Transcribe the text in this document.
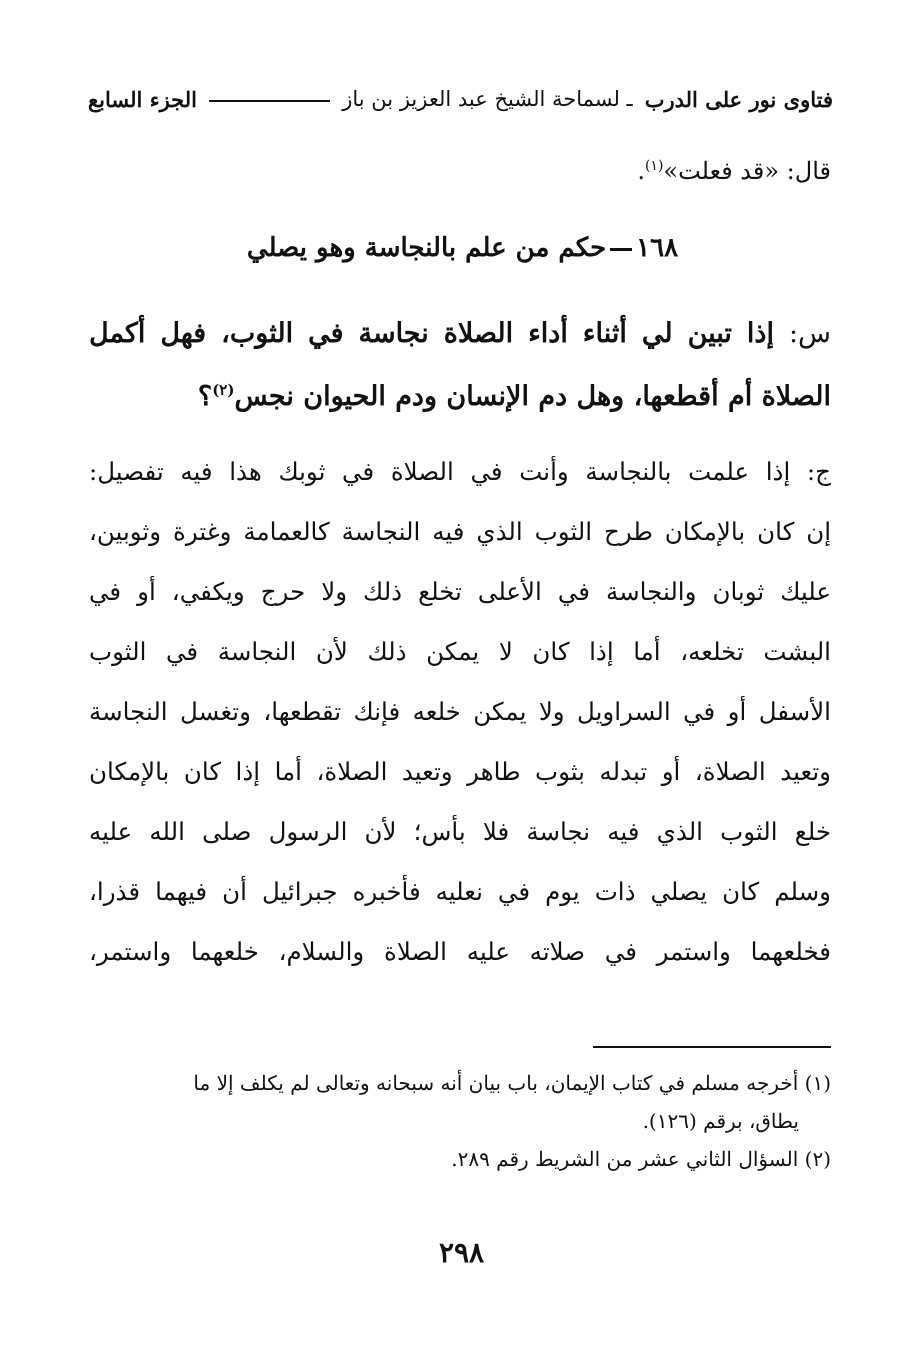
فتاوى نور على الدرب
ـ لسماحة الشيخ عبد العزيز بن باز
الجزء السابع
قال: «قد فعلت»$^{(١)}$.
١٦٨حكم من علم بالنجاسة وهو يصلي
س: إذا تبين لي أثناء أداء الصلاة نجاسة في الثوب، فهل أكمل الصلاة أم أقطعها، وهل دم الإنسان ودم الحيوان نجس$^{(٢)}$؟
ج: إذا علمت بالنجاسة وأنت في الصلاة في ثوبك هذا فيه تفصيل:
إن كان بالإمكان طرح الثوب الذي فيه النجاسة كالعمامة وغترة وثوبين،
عليك ثوبان والنجاسة في الأعلى تخلع ذلك ولا حرج ويكفي، أو في
البشت تخلعه، أما إذا كان لا يمكن ذلك لأن النجاسة في الثوب
الأسفل أو في السراويل ولا يمكن خلعه فإنك تقطعها، وتغسل النجاسة
وتعيد الصلاة، أو تبدله بثوب طاهر وتعيد الصلاة، أما إذا كان بالإمكان
خلع الثوب الذي فيه نجاسة فلا بأس؛ لأن الرسول صلى الله عليه
وسلم كان يصلي ذات يوم في نعليه فأخبره جبرائيل أن فيهما قذرا،
فخلعهما واستمر في صلاته عليه الصلاة والسلام، خلعهما واستمر،
(١) أخرجه مسلم في كتاب الإيمان، باب بيان أنه سبحانه وتعالى لم يكلف إلا ما
يطاق، برقم (١٢٦).
(٢) السؤال الثاني عشر من الشريط رقم ٢٨٩.
٢٩٨
